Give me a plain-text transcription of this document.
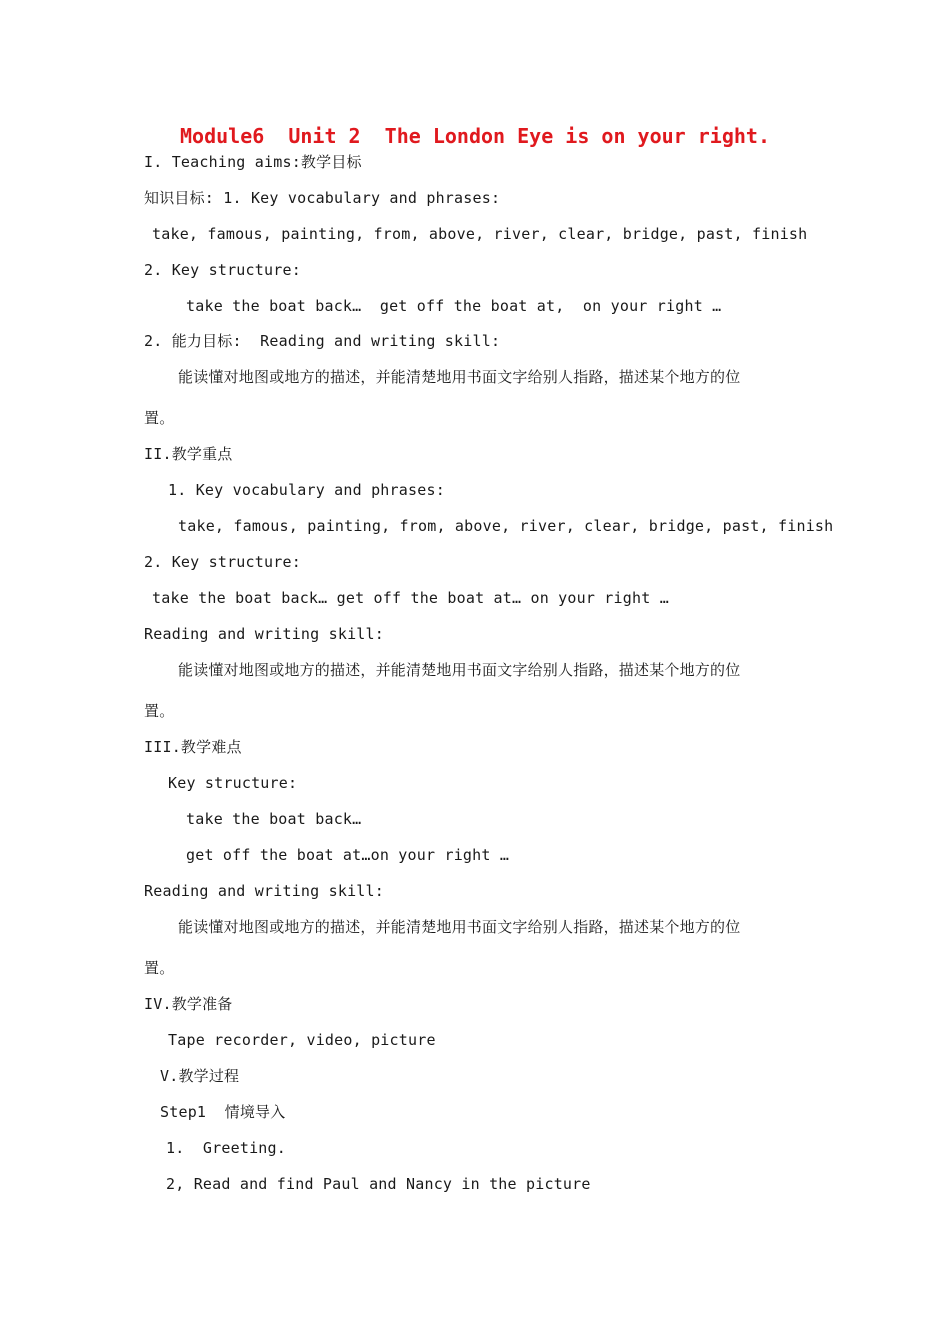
Module6  Unit 2  The London Eye is on your right.
I. Teaching aims:教学目标
知识目标: 1. Key vocabulary and phrases:
take, famous, painting, from, above, river, clear, bridge, past, finish
2. Key structure:
take the boat back…  get off the boat at,  on your right …
2. 能力目标:  Reading and writing skill:
能读懂对地图或地方的描述，并能清楚地用书面文字给别人指路，描述某个地方的位
置。
II.教学重点
1. Key vocabulary and phrases:
take, famous, painting, from, above, river, clear, bridge, past, finish
2. Key structure:
take the boat back… get off the boat at… on your right …
Reading and writing skill:
能读懂对地图或地方的描述，并能清楚地用书面文字给别人指路，描述某个地方的位
置。
III.教学难点
Key structure:
take the boat back…
get off the boat at…on your right …
Reading and writing skill:
能读懂对地图或地方的描述，并能清楚地用书面文字给别人指路，描述某个地方的位
置。
IV.教学准备
Tape recorder, video, picture
V.教学过程
Step1  情境导入
1.  Greeting.
2, Read and find Paul and Nancy in the picture
